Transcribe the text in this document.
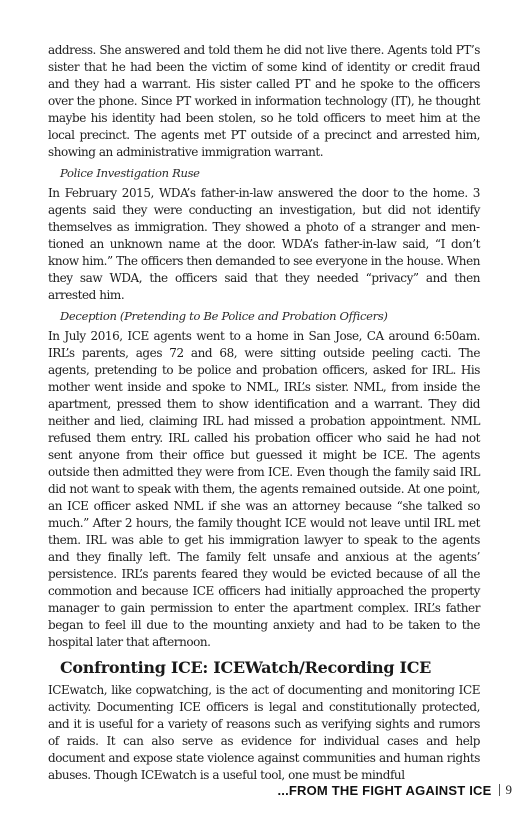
address. She answered and told them he did not live there. Agents told PT’s sister that he had been the victim of some kind of identity or credit fraud and they had a warrant. His sister called PT and he spoke to the officers over the phone. Since PT worked in information technology (IT), he thought maybe his identity had been stolen, so he told officers to meet him at the local precinct. The agents met PT outside of a precinct and arrested him, showing an administrative immigration warrant.

Police Investigation Ruse

In February 2015, WDA’s father-in-law answered the door to the home. 3 agents said they were conducting an investigation, but did not identify themselves as immigration. They showed a photo of a stranger and mentioned an unknown name at the door. WDA’s father-in-law said, “I don’t know him.” The officers then demanded to see everyone in the house. When they saw WDA, the officers said that they needed “privacy” and then arrested him.

Deception (Pretending to Be Police and Probation Officers)

In July 2016, ICE agents went to a home in San Jose, CA around 6:50am. IRL’s parents, ages 72 and 68, were sitting outside peeling cacti. The agents, pretending to be police and probation officers, asked for IRL. His mother went inside and spoke to NML, IRL’s sister. NML, from inside the apartment, pressed them to show identification and a warrant. They did neither and lied, claiming IRL had missed a probation appointment. NML refused them entry. IRL called his probation officer who said he had not sent anyone from their office but guessed it might be ICE. The agents outside then admitted they were from ICE. Even though the family said IRL did not want to speak with them, the agents remained outside. At one point, an ICE officer asked NML if she was an attorney because “she talked so much.” After 2 hours, the family thought ICE would not leave until IRL met them. IRL was able to get his immigration lawyer to speak to the agents and they finally left. The family felt unsafe and anxious at the agents’ persistence. IRL’s parents feared they would be evicted because of all the commotion and because ICE officers had initially approached the property manager to gain permission to enter the apartment complex. IRL’s father began to feel ill due to the mounting anxiety and had to be taken to the hospital later that afternoon.

Confronting ICE: ICEWatch/Recording ICE

ICEwatch, like copwatching, is the act of documenting and monitoring ICE activity. Documenting ICE officers is legal and constitutionally protected, and it is useful for a variety of reasons such as verifying sights and rumors of raids. It can also serve as evidence for individual cases and help document and expose state violence against communities and human rights abuses. Though ICEwatch is a useful tool, one must be mindful

...FROM THE FIGHT AGAINST ICE 9
